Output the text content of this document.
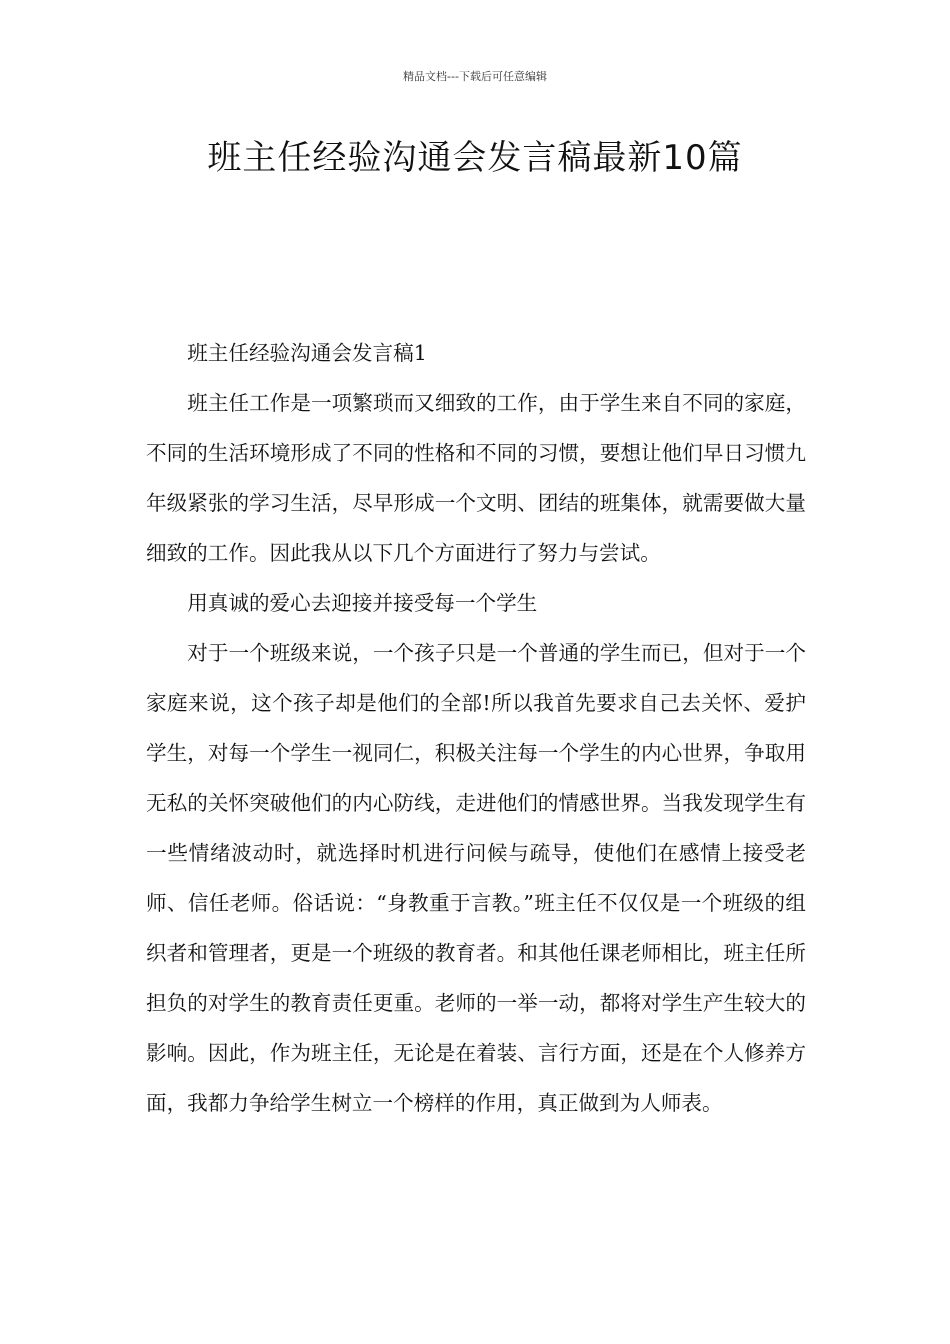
精品文档---下载后可任意编辑
班主任经验沟通会发言稿最新10篇

班主任经验沟通会发言稿1

班主任工作是一项繁琐而又细致的工作，由于学生来自不同的家庭，不同的生活环境形成了不同的性格和不同的习惯，要想让他们早日习惯九年级紧张的学习生活，尽早形成一个文明、团结的班集体，就需要做大量细致的工作。因此我从以下几个方面进行了努力与尝试。

用真诚的爱心去迎接并接受每一个学生

对于一个班级来说，一个孩子只是一个普通的学生而已，但对于一个家庭来说，这个孩子却是他们的全部!所以我首先要求自己去关怀、爱护学生，对每一个学生一视同仁，积极关注每一个学生的内心世界，争取用无私的关怀突破他们的内心防线，走进他们的情感世界。当我发现学生有一些情绪波动时，就选择时机进行问候与疏导，使他们在感情上接受老师、信任老师。俗话说：“身教重于言教。”班主任不仅仅是一个班级的组织者和管理者，更是一个班级的教育者。和其他任课老师相比，班主任所担负的对学生的教育责任更重。老师的一举一动，都将对学生产生较大的影响。因此，作为班主任，无论是在着装、言行方面，还是在个人修养方面，我都力争给学生树立一个榜样的作用，真正做到为人师表。
